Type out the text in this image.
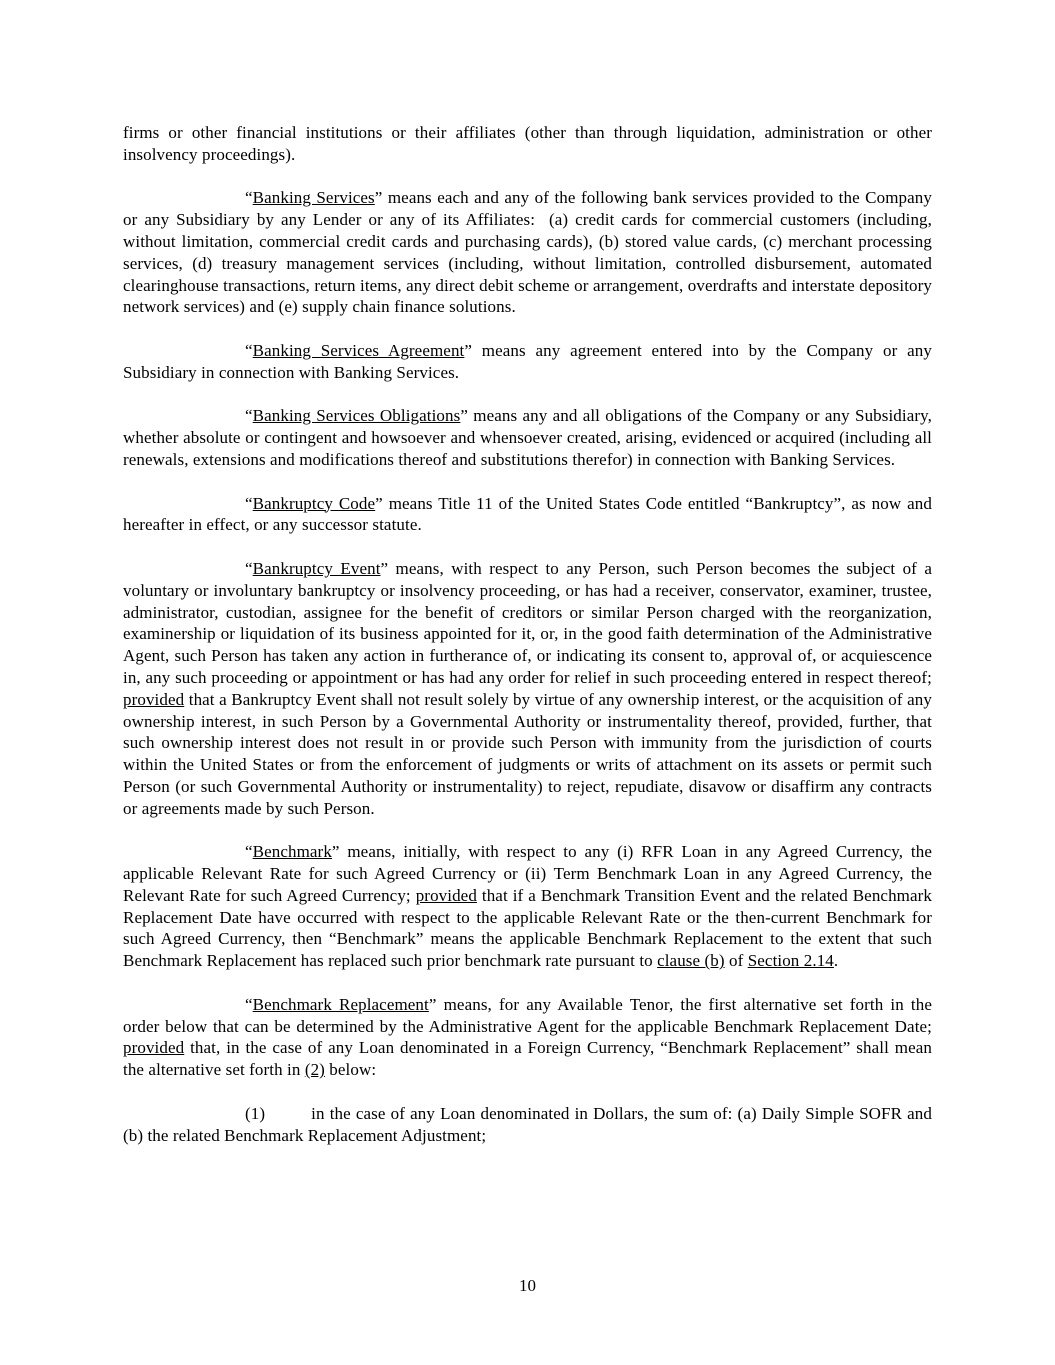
firms or other financial institutions or their affiliates (other than through liquidation, administration or other insolvency proceedings).

“Banking Services” means each and any of the following bank services provided to the Company or any Subsidiary by any Lender or any of its Affiliates:  (a) credit cards for commercial customers (including, without limitation, commercial credit cards and purchasing cards), (b) stored value cards, (c) merchant processing services, (d) treasury management services (including, without limitation, controlled disbursement, automated clearinghouse transactions, return items, any direct debit scheme or arrangement, overdrafts and interstate depository network services) and (e) supply chain finance solutions.

“Banking Services Agreement” means any agreement entered into by the Company or any Subsidiary in connection with Banking Services.

“Banking Services Obligations” means any and all obligations of the Company or any Subsidiary, whether absolute or contingent and howsoever and whensoever created, arising, evidenced or acquired (including all renewals, extensions and modifications thereof and substitutions therefor) in connection with Banking Services.

“Bankruptcy Code” means Title 11 of the United States Code entitled “Bankruptcy”, as now and hereafter in effect, or any successor statute.

“Bankruptcy Event” means, with respect to any Person, such Person becomes the subject of a voluntary or involuntary bankruptcy or insolvency proceeding, or has had a receiver, conservator, examiner, trustee, administrator, custodian, assignee for the benefit of creditors or similar Person charged with the reorganization, examinership or liquidation of its business appointed for it, or, in the good faith determination of the Administrative Agent, such Person has taken any action in furtherance of, or indicating its consent to, approval of, or acquiescence in, any such proceeding or appointment or has had any order for relief in such proceeding entered in respect thereof; provided that a Bankruptcy Event shall not result solely by virtue of any ownership interest, or the acquisition of any ownership interest, in such Person by a Governmental Authority or instrumentality thereof, provided, further, that such ownership interest does not result in or provide such Person with immunity from the jurisdiction of courts within the United States or from the enforcement of judgments or writs of attachment on its assets or permit such Person (or such Governmental Authority or instrumentality) to reject, repudiate, disavow or disaffirm any contracts or agreements made by such Person.

“Benchmark” means, initially, with respect to any (i) RFR Loan in any Agreed Currency, the applicable Relevant Rate for such Agreed Currency or (ii) Term Benchmark Loan in any Agreed Currency, the Relevant Rate for such Agreed Currency; provided that if a Benchmark Transition Event and the related Benchmark Replacement Date have occurred with respect to the applicable Relevant Rate or the then-current Benchmark for such Agreed Currency, then “Benchmark” means the applicable Benchmark Replacement to the extent that such Benchmark Replacement has replaced such prior benchmark rate pursuant to clause (b) of Section 2.14.

“Benchmark Replacement” means, for any Available Tenor, the first alternative set forth in the order below that can be determined by the Administrative Agent for the applicable Benchmark Replacement Date; provided that, in the case of any Loan denominated in a Foreign Currency, “Benchmark Replacement” shall mean the alternative set forth in (2) below:

(1)         in the case of any Loan denominated in Dollars, the sum of: (a) Daily Simple SOFR and (b) the related Benchmark Replacement Adjustment;

10
